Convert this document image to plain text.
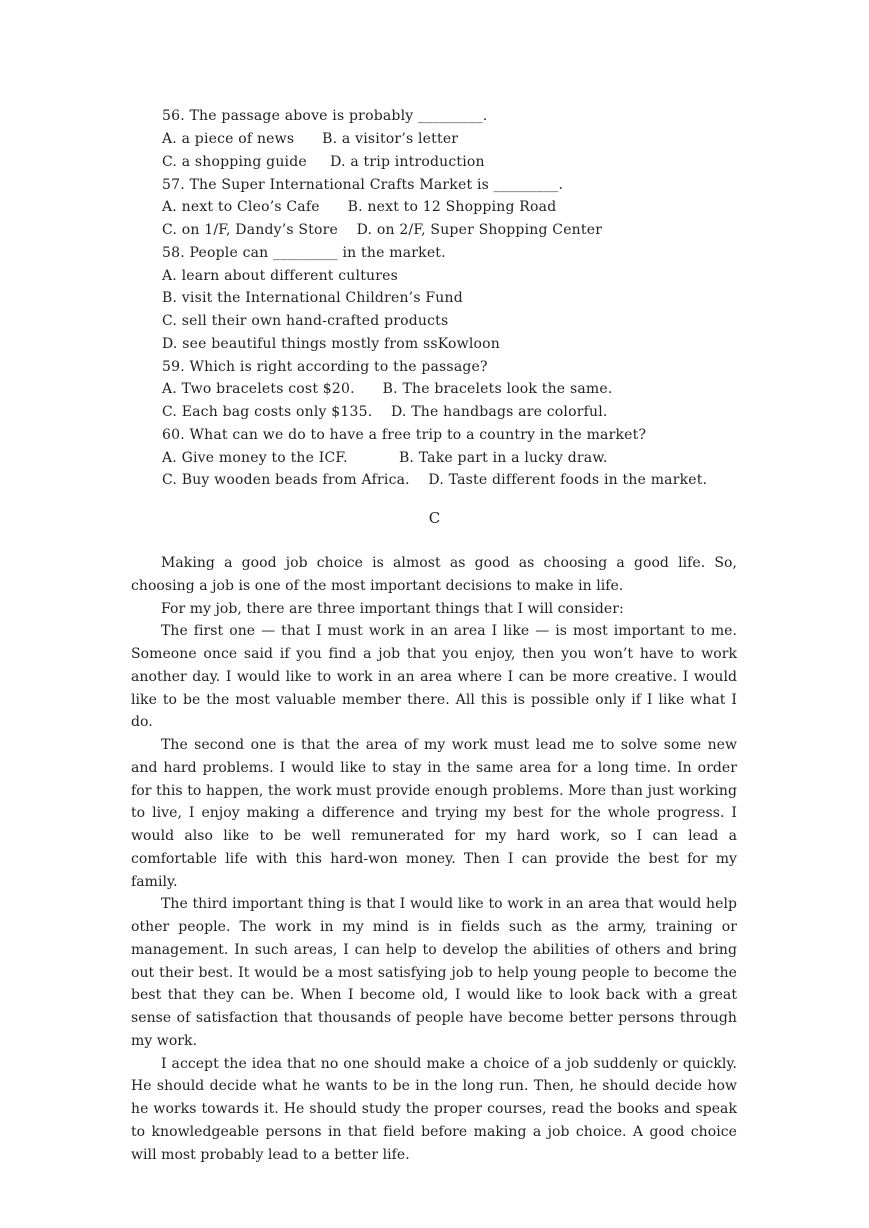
56. The passage above is probably _________.
A. a piece of news      B. a visitor’s letter
C. a shopping guide     D. a trip introduction
57. The Super International Crafts Market is _________.
A. next to Cleo’s Cafe      B. next to 12 Shopping Road
C. on 1/F, Dandy’s Store    D. on 2/F, Super Shopping Center
58. People can _________ in the market.
A. learn about different cultures
B. visit the International Children’s Fund
C. sell their own hand-crafted products
D. see beautiful things mostly from ssKowloon
59. Which is right according to the passage?
A. Two bracelets cost $20.      B. The bracelets look the same.
C. Each bag costs only $135.    D. The handbags are colorful.
60. What can we do to have a free trip to a country in the market?
A. Give money to the ICF.           B. Take part in a lucky draw.
C. Buy wooden beads from Africa.    D. Taste different foods in the market.
C

Making a good job choice is almost as good as choosing a good life. So, choosing a job is one of the most important decisions to make in life.

For my job, there are three important things that I will consider:

The first one — that I must work in an area I like — is most important to me. Someone once said if you find a job that you enjoy, then you won’t have to work another day. I would like to work in an area where I can be more creative. I would like to be the most valuable member there. All this is possible only if I like what I do.

The second one is that the area of my work must lead me to solve some new and hard problems. I would like to stay in the same area for a long time. In order for this to happen, the work must provide enough problems. More than just working to live, I enjoy making a difference and trying my best for the whole progress. I would also like to be well remunerated for my hard work, so I can lead a comfortable life with this hard-won money. Then I can provide the best for my family.

The third important thing is that I would like to work in an area that would help other people. The work in my mind is in fields such as the army, training or management. In such areas, I can help to develop the abilities of others and bring out their best. It would be a most satisfying job to help young people to become the best that they can be. When I become old, I would like to look back with a great sense of satisfaction that thousands of people have become better persons through my work.

I accept the idea that no one should make a choice of a job suddenly or quickly. He should decide what he wants to be in the long run. Then, he should decide how he works towards it. He should study the proper courses, read the books and speak to knowledgeable persons in that field before making a job choice. A good choice will most probably lead to a better life.
